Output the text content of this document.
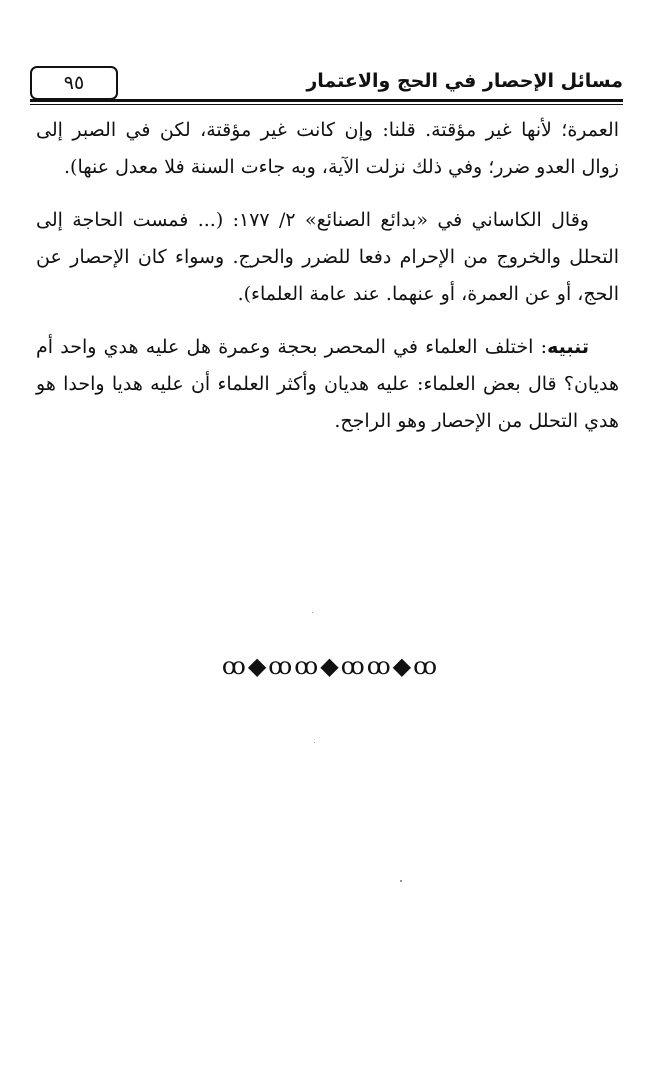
٩٥	مسائل الإحصار في الحج والاعتمار

العمرة؛ لأنها غير مؤقتة. قلنا: وإن كانت غير مؤقتة، لكن في الصبر إلى زوال العدو ضرر؛ وفي ذلك نزلت الآية، وبه جاءت السنة فلا معدل عنها).

وقال الكاساني في «بدائع الصنائع» ٢/ ١٧٧: (... فمست الحاجة إلى التحلل والخروج من الإحرام دفعا للضرر والحرج. وسواء كان الإحصار عن الحج، أو عن العمرة، أو عنهما. عند عامة العلماء).

تنبيه: اختلف العلماء في المحصر بحجة وعمرة هل عليه هدي واحد أم هديان؟ قال بعض العلماء: عليه هديان وأكثر العلماء أن عليه هديا واحدا هو هدي التحلل من الإحصار وهو الراجح.

ꝏ◆ꝏꝏ◆ꝏꝏ◆ꝏ
